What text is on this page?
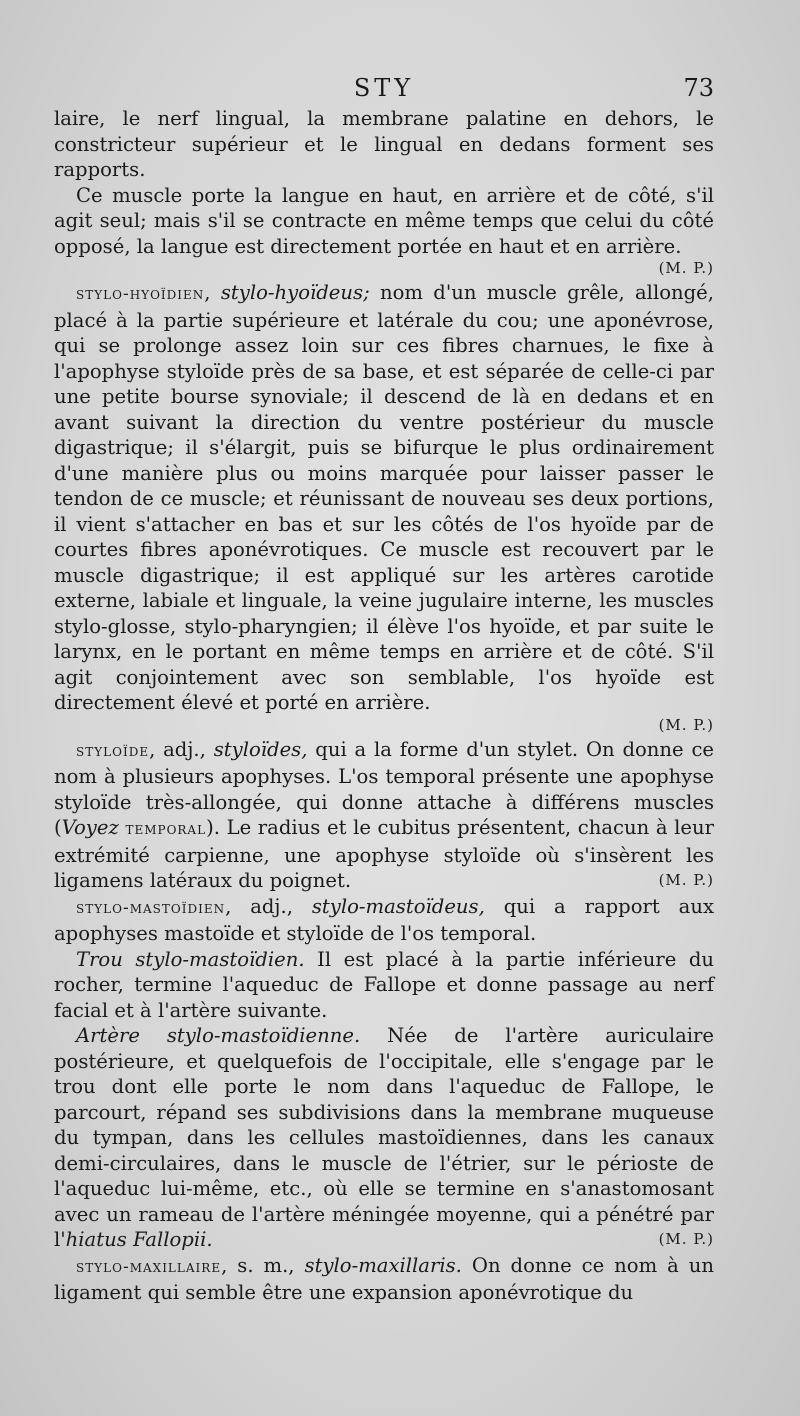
STY	73

laire, le nerf lingual, la membrane palatine en dehors, le constricteur supérieur et le lingual en dedans forment ses rapports.

Ce muscle porte la langue en haut, en arrière et de côté, s'il agit seul; mais s'il se contracte en même temps que celui du côté opposé, la langue est directement portée en haut et en arrière.

(M. P.)

stylo-hyoïdien, stylo-hyoïdeus; nom d'un muscle grêle, allongé, placé à la partie supérieure et latérale du cou; une aponévrose, qui se prolonge assez loin sur ces fibres charnues, le fixe à l'apophyse styloïde près de sa base, et est séparée de celle-ci par une petite bourse synoviale; il descend de là en dedans et en avant suivant la direction du ventre postérieur du muscle digastrique; il s'élargit, puis se bifurque le plus ordinairement d'une manière plus ou moins marquée pour laisser passer le tendon de ce muscle; et réunissant de nouveau ses deux portions, il vient s'attacher en bas et sur les côtés de l'os hyoïde par de courtes fibres aponévrotiques. Ce muscle est recouvert par le muscle digastrique; il est appliqué sur les artères carotide externe, labiale et linguale, la veine jugulaire interne, les muscles stylo-glosse, stylo-pharyngien; il élève l'os hyoïde, et par suite le larynx, en le portant en même temps en arrière et de côté. S'il agit conjointement avec son semblable, l'os hyoïde est directement élevé et porté en arrière.

(M. P.)

styloïde, adj., styloïdes, qui a la forme d'un stylet. On donne ce nom à plusieurs apophyses. L'os temporal présente une apophyse styloïde très-allongée, qui donne attache à différens muscles (Voyez temporal). Le radius et le cubitus présentent, chacun à leur extrémité carpienne, une apophyse styloïde où s'insèrent les ligamens latéraux du poignet.	(M. P.)

stylo-mastoïdien, adj., stylo-mastoïdeus, qui a rapport aux apophyses mastoïde et styloïde de l'os temporal.

Trou stylo-mastoïdien. Il est placé à la partie inférieure du rocher, termine l'aqueduc de Fallope et donne passage au nerf facial et à l'artère suivante.

Artère stylo-mastoïdienne. Née de l'artère auriculaire postérieure, et quelquefois de l'occipitale, elle s'engage par le trou dont elle porte le nom dans l'aqueduc de Fallope, le parcourt, répand ses subdivisions dans la membrane muqueuse du tympan, dans les cellules mastoïdiennes, dans les canaux demi-circulaires, dans le muscle de l'étrier, sur le périoste de l'aqueduc lui-même, etc., où elle se termine en s'anastomosant avec un rameau de l'artère méningée moyenne, qui a pénétré par l'hiatus Fallopii.	(M. P.)

stylo-maxillaire, s. m., stylo-maxillaris. On donne ce nom à un ligament qui semble être une expansion aponévrotique du
